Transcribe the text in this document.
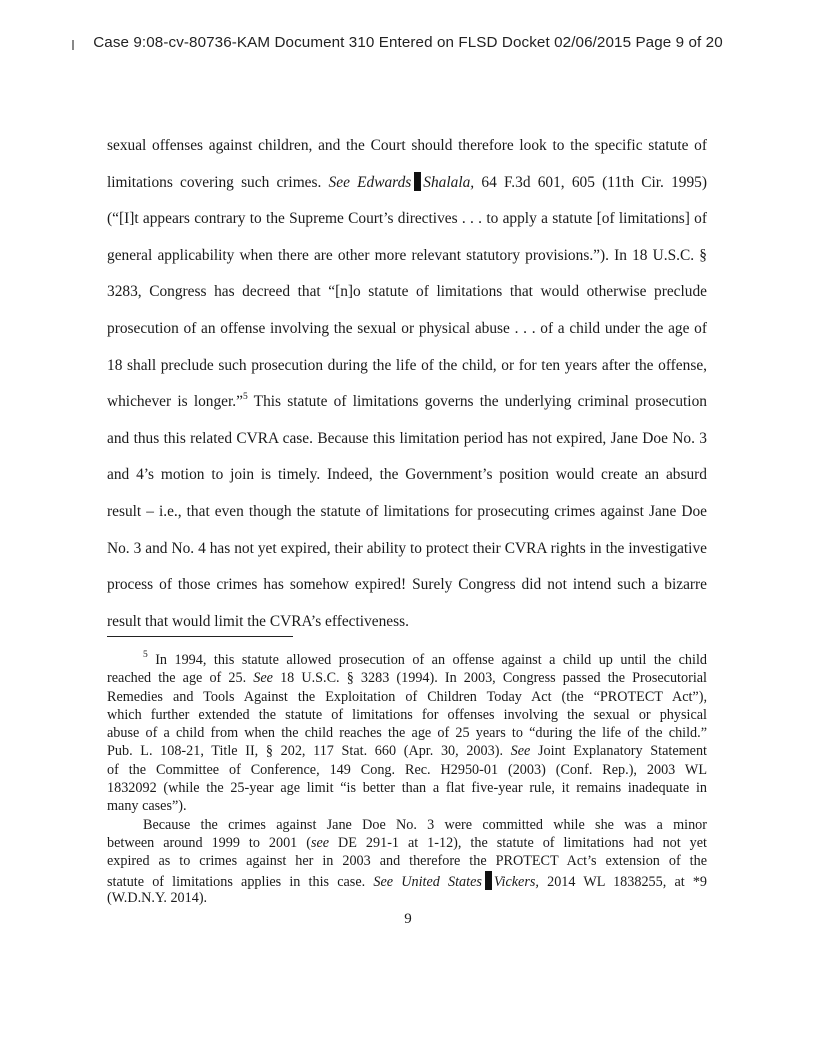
Case 9:08-cv-80736-KAM Document 310 Entered on FLSD Docket 02/06/2015 Page 9 of 20
sexual offenses against children, and the Court should therefore look to the specific statute of
limitations covering such crimes. See Edwards Shalala, 64 F.3d 601, 605 (11th Cir. 1995)
(“[I]t appears contrary to the Supreme Court’s directives . . . to apply a statute [of limitations] of
general applicability when there are other more relevant statutory provisions.”). In 18 U.S.C. §
3283, Congress has decreed that “[n]o statute of limitations that would otherwise preclude
prosecution of an offense involving the sexual or physical abuse . . . of a child under the age of
18 shall preclude such prosecution during the life of the child, or for ten years after the offense,
whichever is longer.”$^5$ This statute of limitations governs the underlying criminal prosecution
and thus this related CVRA case. Because this limitation period has not expired, Jane Doe No. 3
and 4’s motion to join is timely. Indeed, the Government’s position would create an absurd
result – i.e., that even though the statute of limitations for prosecuting crimes against Jane Doe
No. 3 and No. 4 has not yet expired, their ability to protect their CVRA rights in the investigative
process of those crimes has somehow expired! Surely Congress did not intend such a bizarre
result that would limit the CVRA’s effectiveness.
$^5$ In 1994, this statute allowed prosecution of an offense against a child up until the child
reached the age of 25. See 18 U.S.C. § 3283 (1994). In 2003, Congress passed the Prosecutorial
Remedies and Tools Against the Exploitation of Children Today Act (the “PROTECT Act”),
which further extended the statute of limitations for offenses involving the sexual or physical
abuse of a child from when the child reaches the age of 25 years to “during the life of the child.”
Pub. L. 108-21, Title II, § 202, 117 Stat. 660 (Apr. 30, 2003). See Joint Explanatory Statement
of the Committee of Conference, 149 Cong. Rec. H2950-01 (2003) (Conf. Rep.), 2003 WL
1832092 (while the 25-year age limit “is better than a flat five-year rule, it remains inadequate in
many cases”).
Because the crimes against Jane Doe No. 3 were committed while she was a minor
between around 1999 to 2001 (see DE 291-1 at 1-12), the statute of limitations had not yet
expired as to crimes against her in 2003 and therefore the PROTECT Act’s extension of the
statute of limitations applies in this case. See United States Vickers, 2014 WL 1838255, at *9
(W.D.N.Y. 2014).
9
